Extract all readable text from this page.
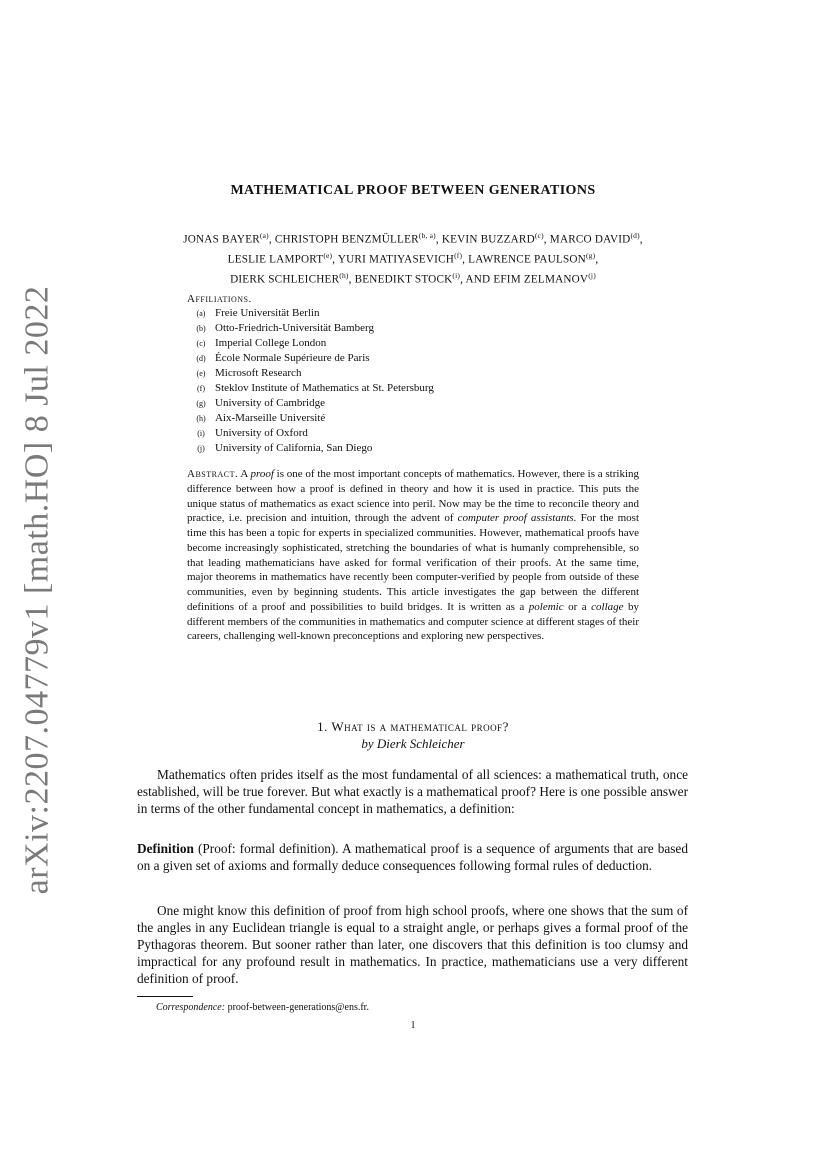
arXiv:2207.04779v1 [math.HO] 8 Jul 2022
MATHEMATICAL PROOF BETWEEN GENERATIONS
JONAS BAYER$^{(a)}$, CHRISTOPH BENZMÜLLER$^{(b, a)}$, KEVIN BUZZARD$^{(c)}$, MARCO DAVID$^{(d)}$,
LESLIE LAMPORT$^{(e)}$, YURI MATIYASEVICH$^{(f)}$, LAWRENCE PAULSON$^{(g)}$,
DIERK SCHLEICHER$^{(h)}$, BENEDIKT STOCK$^{(i)}$, AND EFIM ZELMANOV$^{(j)}$
Affiliations.
(a) Freie Universität Berlin
(b) Otto-Friedrich-Universität Bamberg
(c) Imperial College London
(d) École Normale Supérieure de Paris
(e) Microsoft Research
(f) Steklov Institute of Mathematics at St. Petersburg
(g) University of Cambridge
(h) Aix-Marseille Université
(i) University of Oxford
(j) University of California, San Diego
Abstract. A proof is one of the most important concepts of mathematics. However, there is a striking difference between how a proof is defined in theory and how it is used in practice. This puts the unique status of mathematics as exact science into peril. Now may be the time to reconcile theory and practice, i.e. precision and intuition, through the advent of computer proof assistants. For the most time this has been a topic for experts in specialized communities. However, mathematical proofs have become increasingly sophisticated, stretching the boundaries of what is humanly comprehensible, so that leading mathematicians have asked for formal verification of their proofs. At the same time, major theorems in mathematics have recently been computer-verified by people from outside of these communities, even by beginning students. This article investigates the gap between the different definitions of a proof and possibilities to build bridges. It is written as a polemic or a collage by different members of the communities in mathematics and computer science at different stages of their careers, challenging well-known preconceptions and exploring new perspectives.
1. What is a mathematical proof?
by Dierk Schleicher
Mathematics often prides itself as the most fundamental of all sciences: a mathematical truth, once established, will be true forever. But what exactly is a mathematical proof? Here is one possible answer in terms of the other fundamental concept in mathematics, a definition:
Definition (Proof: formal definition). A mathematical proof is a sequence of arguments that are based on a given set of axioms and formally deduce consequences following formal rules of deduction.
One might know this definition of proof from high school proofs, where one shows that the sum of the angles in any Euclidean triangle is equal to a straight angle, or perhaps gives a formal proof of the Pythagoras theorem. But sooner rather than later, one discovers that this definition is too clumsy and impractical for any profound result in mathematics. In practice, mathematicians use a very different definition of proof.
Correspondence: proof-between-generations@ens.fr.
1
